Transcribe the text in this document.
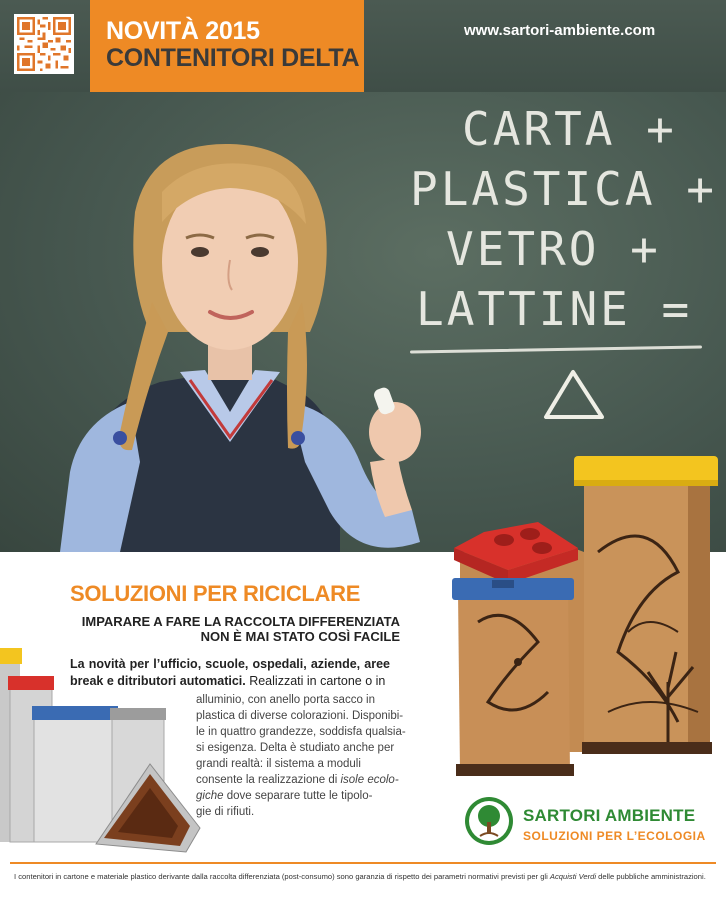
NOVITÀ 2015
CONTENITORI DELTA
www.sartori-ambiente.com
CARTA +
PLASTICA +
VETRO +
LATTINE =
SOLUZIONI PER RICICLARE
IMPARARE A FARE LA RACCOLTA DIFFERENZIATA
NON È MAI STATO COSÌ FACILE
La novità per l’ufficio, scuole, ospedali, aziende, aree break e ditributori automatici. Realizzati in cartone o in
alluminio, con anello porta sacco in
plastica di diverse colorazioni. Disponibi-
le in quattro grandezze, soddisfa qualsia-
si esigenza. Delta è studiato anche per
grandi realtà: il sistema a moduli
consente la realizzazione di isole ecolo-
giche dove separare tutte le tipolo-
gie di rifiuti.	SARTORI AMBIENTE
SOLUZIONI PER L’ECOLOGIA
I contenitori in cartone e materiale plastico derivante dalla raccolta differenziata (post-consumo) sono garanzia di rispetto dei parametri normativi previsti per gli Acquisti Verdi delle pubbliche amministrazioni.
